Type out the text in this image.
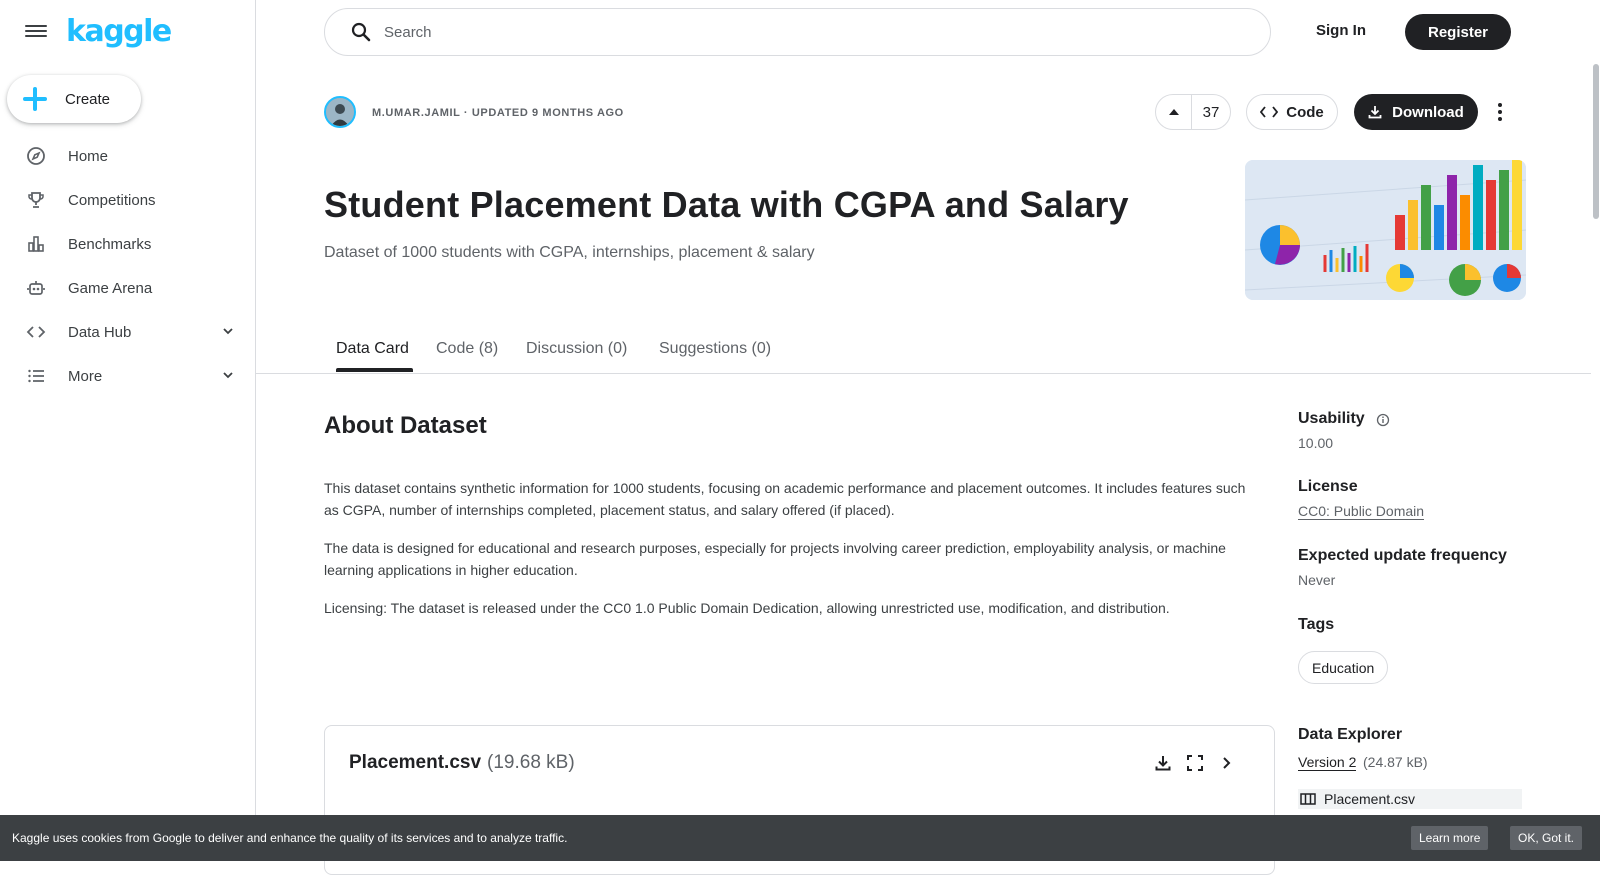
kaggle
Create
Home
Competitions
Benchmarks
Game Arena
Data Hub
More
Search
Sign In	Register
M.UMAR.JAMIL · UPDATED 9 MONTHS AGO	37	Code	Download
Student Placement Data with CGPA and Salary
Dataset of 1000 students with CGPA, internships, placement & salary
Data Card Code (8) Discussion (0) Suggestions (0)
About Dataset

This dataset contains synthetic information for 1000 students, focusing on academic performance and placement outcomes. It includes features such as CGPA, number of internships completed, placement status, and salary offered (if placed).

The data is designed for educational and research purposes, especially for projects involving career prediction, employability analysis, or machine learning applications in higher education.

Licensing: The dataset is released under the CC0 1.0 Public Domain Dedication, allowing unrestricted use, modification, and distribution.

Usability
10.00
License
CC0: Public Domain
Expected update frequency
Never
Tags
Education
Data Explorer
Version 2 (24.87 kB)
Placement.csv
Placement.csv (19.68 kB)
Kaggle uses cookies from Google to deliver and enhance the quality of its services and to analyze traffic.	Learn more	OK, Got it.
